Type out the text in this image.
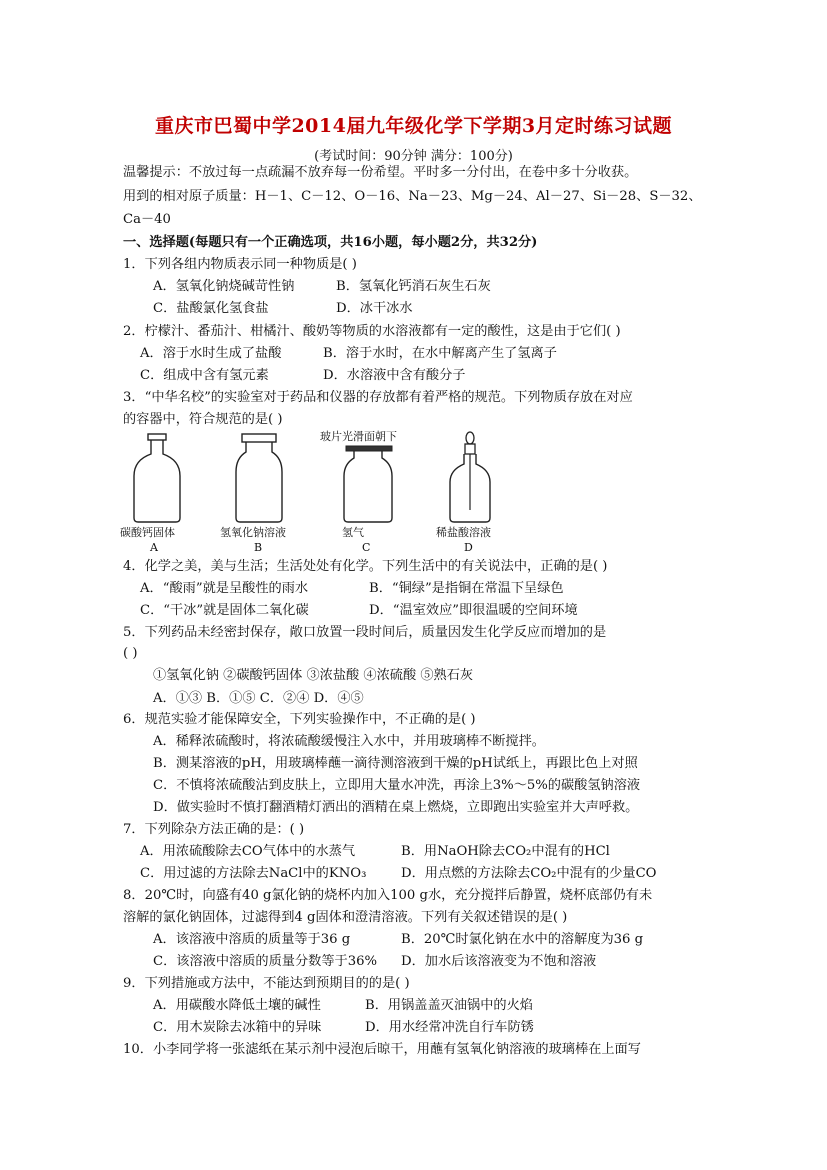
重庆市巴蜀中学2014届九年级化学下学期3月定时练习试题
(考试时间：90分钟 满分：100分)
温馨提示：不放过每一点疏漏不放弃每一份希望。平时多一分付出，在卷中多十分收获。
用到的相对原子质量：H－1、C－12、O－16、Na－23、Mg－24、Al－27、Si－28、S－32、
Ca－40
一、选择题(每题只有一个正确选项，共16小题，每小题2分，共32分)
1．下列各组内物质表示同一种物质是( )
A．氢氧化钠烧碱苛性钠	B．氢氧化钙消石灰生石灰
C．盐酸氯化氢食盐	D．冰干冰水
2．柠檬汁、番茄汁、柑橘汁、酸奶等物质的水溶液都有一定的酸性，这是由于它们( )
A．溶于水时生成了盐酸	B．溶于水时，在水中解离产生了氢离子
C．组成中含有氢元素	D．水溶液中含有酸分子
3．“中华名校”的实验室对于药品和仪器的存放都有着严格的规范。下列物质存放在对应
的容器中，符合规范的是( )
玻片光滑面朝下
碳酸钙固体
A
氢氧化钠溶液
B
氢气
C
稀盐酸溶液
D
4．化学之美，美与生活；生活处处有化学。下列生活中的有关说法中，正确的是( )
A．“酸雨”就是呈酸性的雨水	B．“铜绿”是指铜在常温下呈绿色
C．“干冰”就是固体二氧化碳	D．“温室效应”即很温暖的空间环境
5．下列药品未经密封保存，敞口放置一段时间后，质量因发生化学反应而增加的是
( )
①氢氧化钠 ②碳酸钙固体 ③浓盐酸 ④浓硫酸 ⑤熟石灰
A．①③ B．①⑤ C．②④ D．④⑤
6．规范实验才能保障安全，下列实验操作中，不正确的是( )
A．稀释浓硫酸时，将浓硫酸缓慢注入水中，并用玻璃棒不断搅拌。
B．测某溶液的pH，用玻璃棒蘸一滴待测溶液到干燥的pH试纸上，再跟比色上对照
C．不慎将浓硫酸沾到皮肤上，立即用大量水冲洗，再涂上3%～5%的碳酸氢钠溶液
D．做实验时不慎打翻酒精灯洒出的酒精在桌上燃烧，立即跑出实验室并大声呼救。
7．下列除杂方法正确的是：( )
A．用浓硫酸除去CO气体中的水蒸气	B．用NaOH除去CO₂中混有的HCl
C．用过滤的方法除去NaCl中的KNO₃	D．用点燃的方法除去CO₂中混有的少量CO
8．20℃时，向盛有40 g氯化钠的烧杯内加入100 g水，充分搅拌后静置，烧杯底部仍有未
溶解的氯化钠固体，过滤得到4 g固体和澄清溶液。下列有关叙述错误的是( )
A．该溶液中溶质的质量等于36 g	B．20℃时氯化钠在水中的溶解度为36 g
C．该溶液中溶质的质量分数等于36% D．加水后该溶液变为不饱和溶液
9．下列措施或方法中，不能达到预期目的的是( )
A．用碳酸水降低土壤的碱性	B．用锅盖盖灭油锅中的火焰
C．用木炭除去冰箱中的异味	D．用水经常冲洗自行车防锈
10．小李同学将一张滤纸在某示剂中浸泡后晾干，用蘸有氢氧化钠溶液的玻璃棒在上面写
